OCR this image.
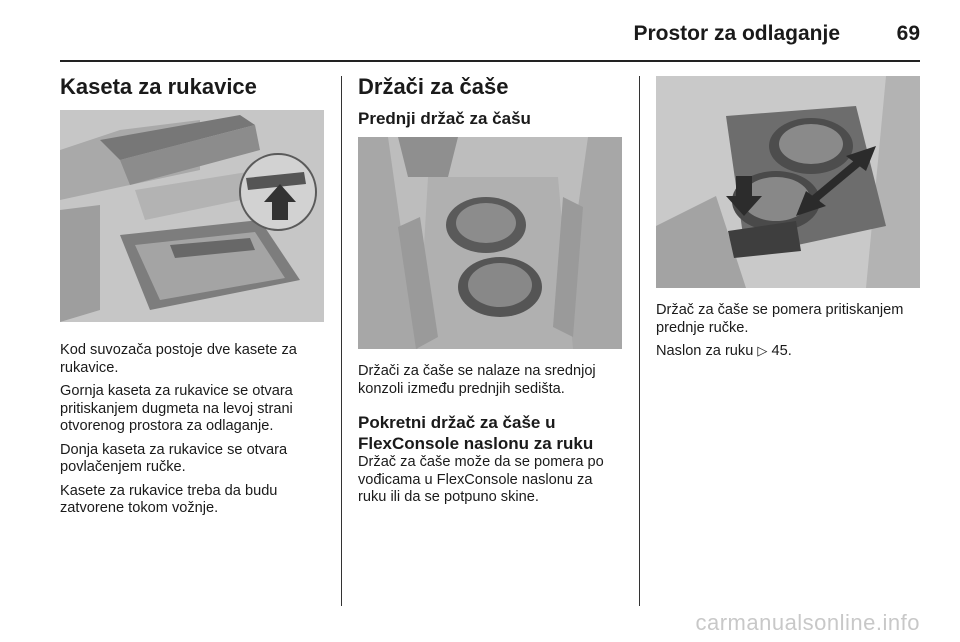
Prostor za odlaganje	69
Kaseta za rukavice

Kod suvozača postoje dve kasete za rukavice.

Gornja kaseta za rukavice se otvara pritiskanjem dugmeta na levoj strani otvorenog prostora za odlaganje.

Donja kaseta za rukavice se otvara povlačenjem ručke.

Kasete za rukavice treba da budu zatvorene tokom vožnje.

Držači za čaše
Prednji držač za čašu

Držači za čaše se nalaze na srednjoj konzoli između prednjih sedišta.

Pokretni držač za čaše u FlexConsole naslonu za ruku

Držač za čaše može da se pomera po vođicama u FlexConsole naslonu za ruku ili da se potpuno skine.

Držač za čaše se pomera pritiskanjem prednje ručke.

Naslon za ruku ▷ 45.

carmanualsonline.info
